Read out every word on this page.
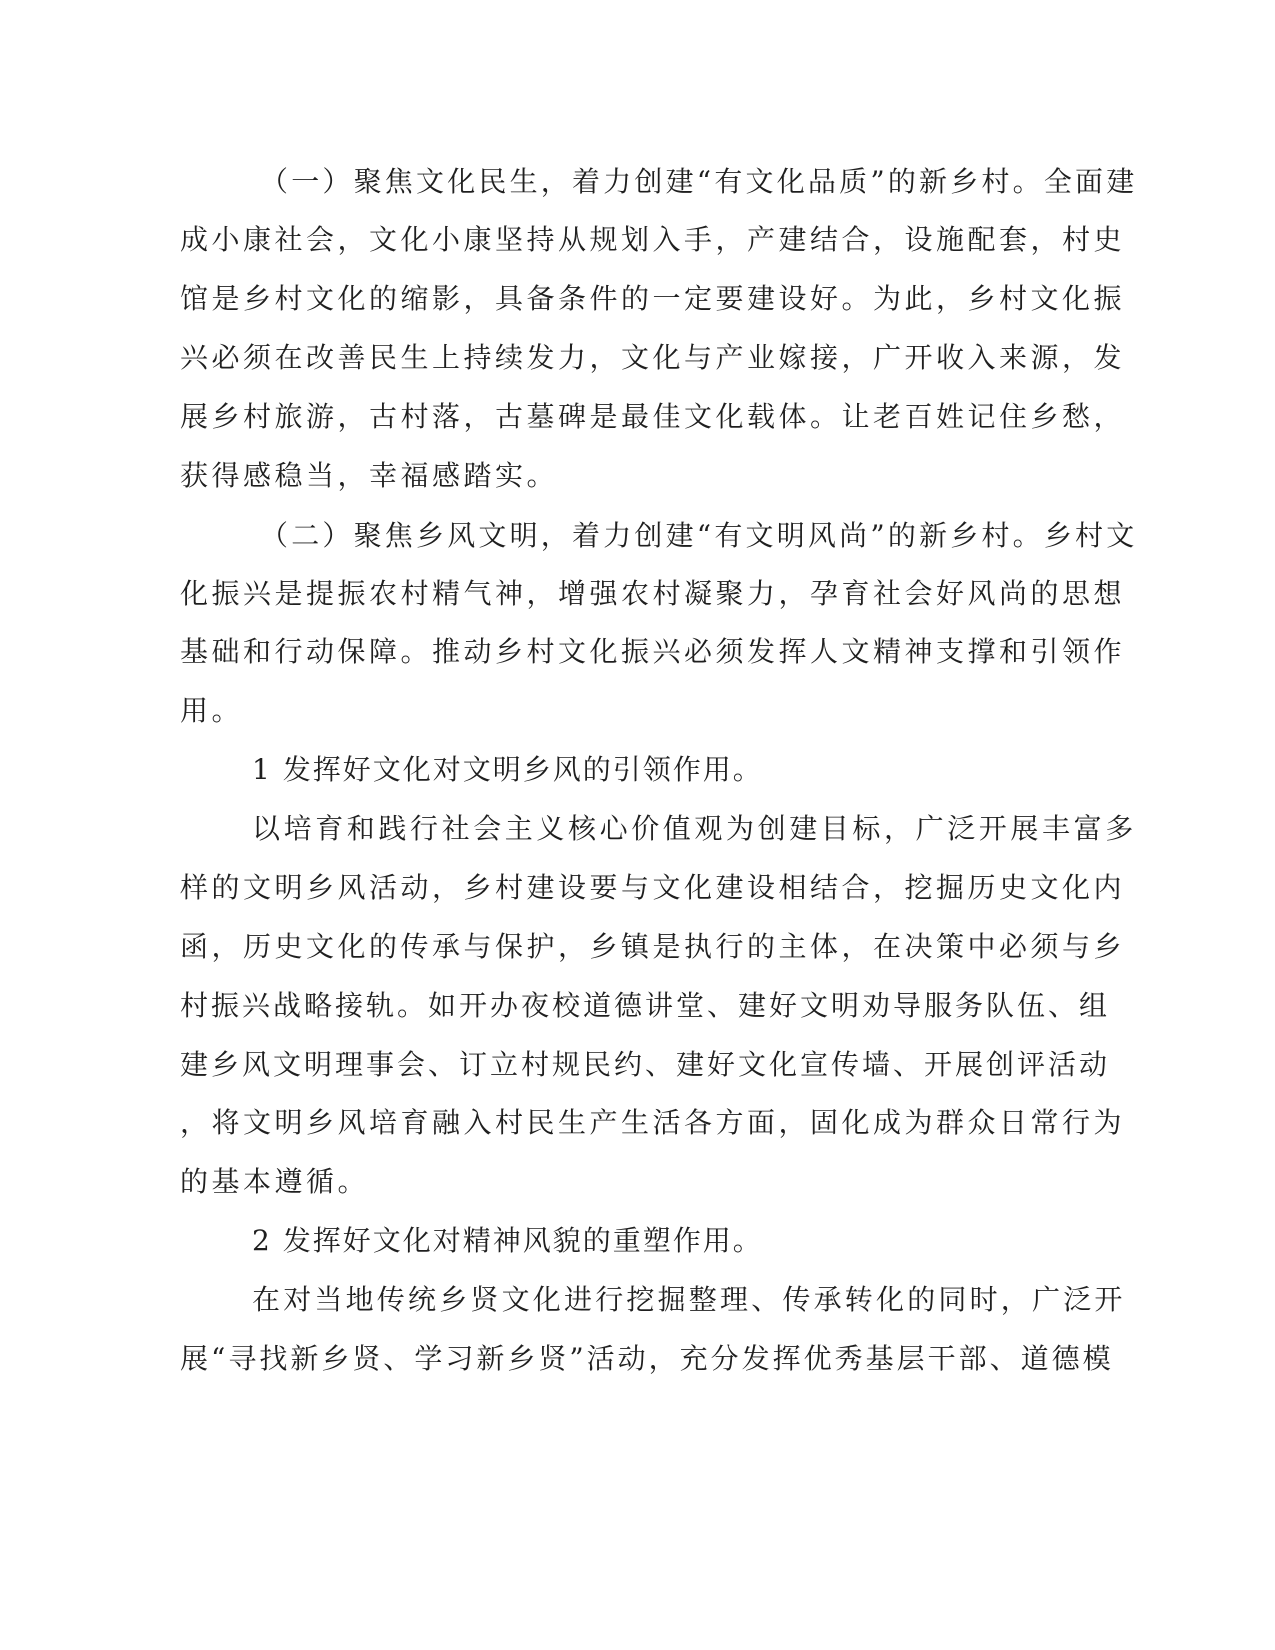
（一）聚焦文化民生，着力创建“有文化品质”的新乡村。全面建

成小康社会，文化小康坚持从规划入手，产建结合，设施配套，村史

馆是乡村文化的缩影，具备条件的一定要建设好。为此，乡村文化振

兴必须在改善民生上持续发力，文化与产业嫁接，广开收入来源，发

展乡村旅游，古村落，古墓碑是最佳文化载体。让老百姓记住乡愁，

获得感稳当，幸福感踏实。

（二）聚焦乡风文明，着力创建“有文明风尚”的新乡村。乡村文

化振兴是提振农村精气神，增强农村凝聚力，孕育社会好风尚的思想

基础和行动保障。推动乡村文化振兴必须发挥人文精神支撑和引领作

用。

1 发挥好文化对文明乡风的引领作用。

以培育和践行社会主义核心价值观为创建目标，广泛开展丰富多

样的文明乡风活动，乡村建设要与文化建设相结合，挖掘历史文化内

函，历史文化的传承与保护，乡镇是执行的主体，在决策中必须与乡

村振兴战略接轨。如开办夜校道德讲堂、建好文明劝导服务队伍、组

建乡风文明理事会、订立村规民约、建好文化宣传墙、开展创评活动

，将文明乡风培育融入村民生产生活各方面，固化成为群众日常行为

的基本遵循。

2 发挥好文化对精神风貌的重塑作用。

在对当地传统乡贤文化进行挖掘整理、传承转化的同时，广泛开

展“寻找新乡贤、学习新乡贤”活动，充分发挥优秀基层干部、道德模
